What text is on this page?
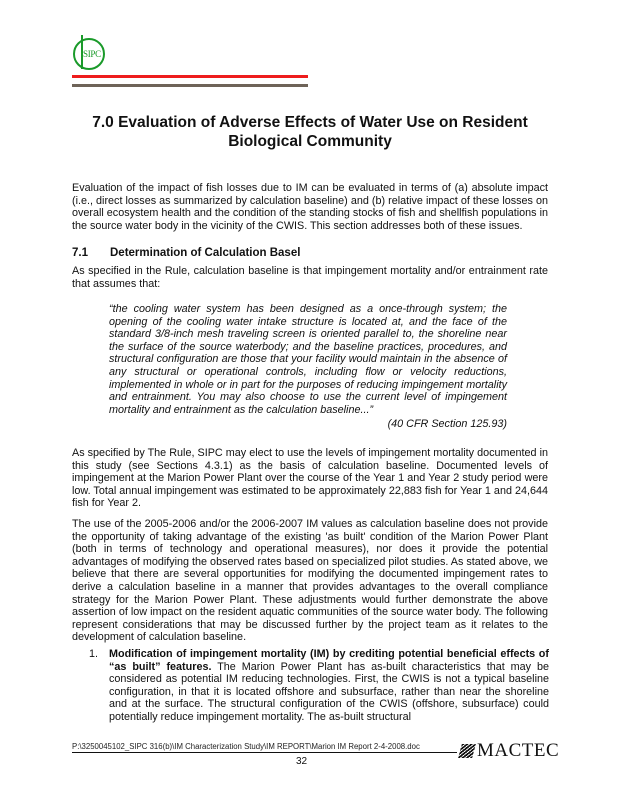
SIPC
7.0 Evaluation of Adverse Effects of Water Use on Resident Biological Community

Evaluation of the impact of fish losses due to IM can be evaluated in terms of (a) absolute impact (i.e., direct losses as summarized by calculation baseline) and (b) relative impact of these losses on overall ecosystem health and the condition of the standing stocks of fish and shellfish populations in the source water body in the vicinity of the CWIS. This section addresses both of these issues.

7.1 Determination of Calculation Basel

As specified in the Rule, calculation baseline is that impingement mortality and/or entrainment rate that assumes that:

“the cooling water system has been designed as a once-through system; the opening of the cooling water intake structure is located at, and the face of the standard 3/8-inch mesh traveling screen is oriented parallel to, the shoreline near the surface of the source waterbody; and the baseline practices, procedures, and structural configuration are those that your facility would maintain in the absence of any structural or operational controls, including flow or velocity reductions, implemented in whole or in part for the purposes of reducing impingement mortality and entrainment. You may also choose to use the current level of impingement mortality and entrainment as the calculation baseline...”

(40 CFR Section 125.93)

As specified by The Rule, SIPC may elect to use the levels of impingement mortality documented in this study (see Sections 4.3.1) as the basis of calculation baseline. Documented levels of impingement at the Marion Power Plant over the course of the Year 1 and Year 2 study period were low. Total annual impingement was estimated to be approximately 22,883 fish for Year 1 and 24,644 fish for Year 2.

The use of the 2005-2006 and/or the 2006-2007 IM values as calculation baseline does not provide the opportunity of taking advantage of the existing 'as built' condition of the Marion Power Plant (both in terms of technology and operational measures), nor does it provide the potential advantages of modifying the observed rates based on specialized pilot studies. As stated above, we believe that there are several opportunities for modifying the documented impingement rates to derive a calculation baseline in a manner that provides advantages to the overall compliance strategy for the Marion Power Plant. These adjustments would further demonstrate the above assertion of low impact on the resident aquatic communities of the source water body. The following represent considerations that may be discussed further by the project team as it relates to the development of calculation baseline.

1. Modification of impingement mortality (IM) by crediting potential beneficial effects of “as built” features. The Marion Power Plant has as-built characteristics that may be considered as potential IM reducing technologies. First, the CWIS is not a typical baseline configuration, in that it is located offshore and subsurface, rather than near the shoreline and at the surface. The structural configuration of the CWIS (offshore, subsurface) could potentially reduce impingement mortality. The as-built structural
P:\3250045102_SIPC 316(b)\IM Characterization Study\IM REPORT\Marion IM Report 2-4-2008.doc
32
MACTEC
